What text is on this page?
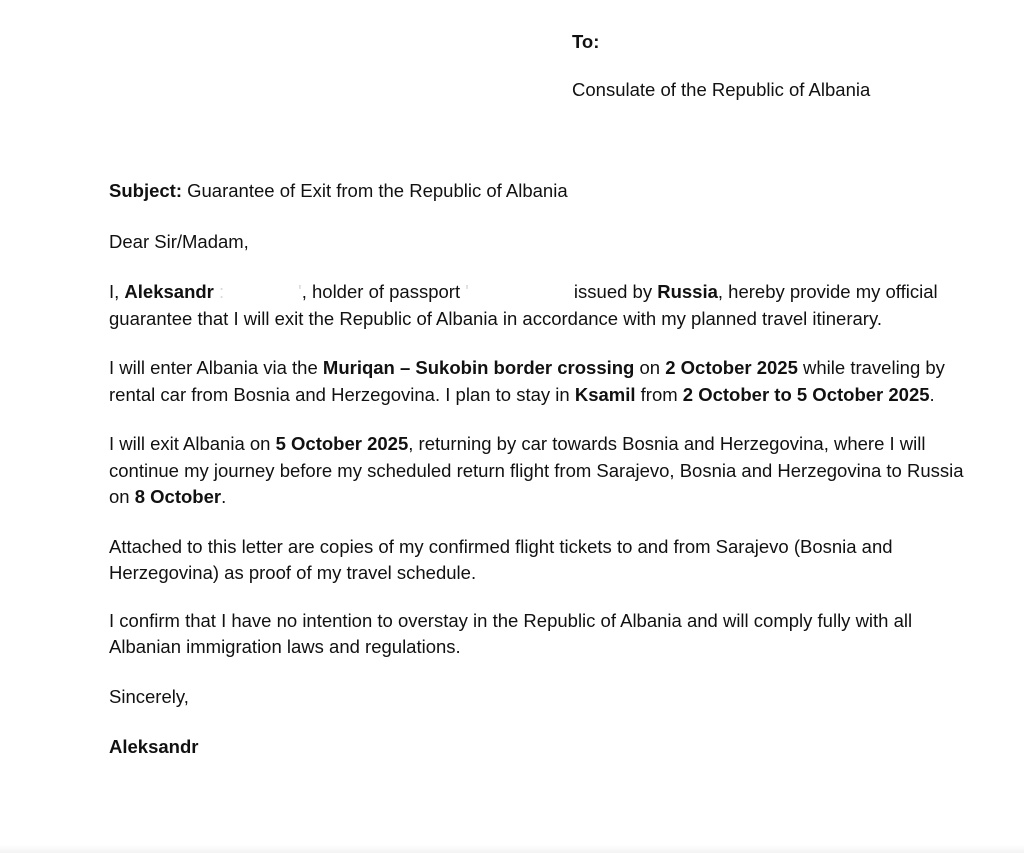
To:

Consulate of the Republic of Albania

Subject: Guarantee of Exit from the Republic of Albania

Dear Sir/Madam,

I, Aleksandr :	', holder of passport '	issued by Russia, hereby provide my official guarantee that I will exit the Republic of Albania in accordance with my planned travel itinerary.

I will enter Albania via the Muriqan – Sukobin border crossing on 2 October 2025 while traveling by rental car from Bosnia and Herzegovina. I plan to stay in Ksamil from 2 October to 5 October 2025.

I will exit Albania on 5 October 2025, returning by car towards Bosnia and Herzegovina, where I will continue my journey before my scheduled return flight from Sarajevo, Bosnia and Herzegovina to Russia on 8 October.

Attached to this letter are copies of my confirmed flight tickets to and from Sarajevo (Bosnia and Herzegovina) as proof of my travel schedule.

I confirm that I have no intention to overstay in the Republic of Albania and will comply fully with all Albanian immigration laws and regulations.

Sincerely,

Aleksandr
